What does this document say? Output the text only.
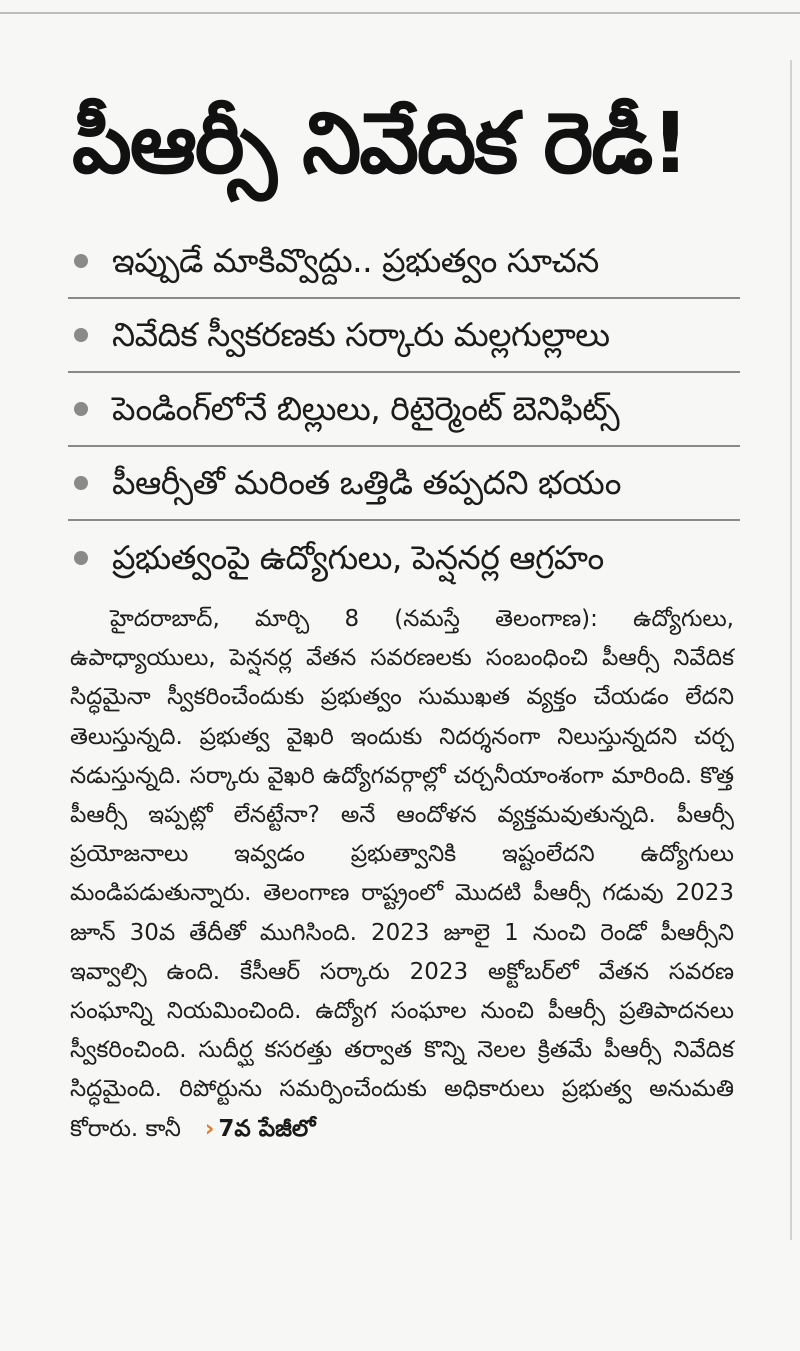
పీఆర్సీ నివేదిక రెడీ!
ఇప్పుడే మాకివ్వొద్దు.. ప్రభుత్వం సూచన
నివేదిక స్వీకరణకు సర్కారు మల్లగుల్లాలు
పెండింగ్‌లోనే బిల్లులు, రిటైర్మెంట్ బెనిఫిట్స్
పీఆర్సీతో మరింత ఒత్తిడి తప్పదని భయం
ప్రభుత్వంపై ఉద్యోగులు, పెన్షనర్ల ఆగ్రహం

హైదరాబాద్, మార్చి 8 (నమస్తే తెలంగాణ): ఉద్యోగులు, ఉపాధ్యాయులు, పెన్షనర్ల వేతన సవరణలకు సంబంధించి పీఆర్సీ నివేదిక సిద్ధమైనా స్వీకరించేందుకు ప్రభుత్వం సుముఖత వ్యక్తం చేయడం లేదని తెలుస్తున్నది. ప్రభుత్వ వైఖరి ఇందుకు నిదర్శనంగా నిలుస్తున్నదని చర్చ నడుస్తున్నది. సర్కారు వైఖరి ఉద్యోగవర్గాల్లో చర్చనీయాంశంగా మారింది. కొత్త పీఆర్సీ ఇప్పట్లో లేనట్టేనా? అనే ఆందోళన వ్యక్తమవుతున్నది. పీఆర్సీ ప్రయోజనాలు ఇవ్వడం ప్రభుత్వానికి ఇష్టంలేదని ఉద్యోగులు మండిపడుతున్నారు. తెలంగాణ రాష్ట్రంలో మొదటి పీఆర్సీ గడువు 2023 జూన్ 30వ తేదీతో ముగిసింది. 2023 జూలై 1 నుంచి రెండో పీఆర్సీని ఇవ్వాల్సి ఉంది. కేసీఆర్ సర్కారు 2023 అక్టోబర్‌లో వేతన సవరణ సంఘాన్ని నియమించింది. ఉద్యోగ సంఘాల నుంచి పీఆర్సీ ప్రతిపాదనలు స్వీకరించింది. సుదీర్ఘ కసరత్తు తర్వాత కొన్ని నెలల క్రితమే పీఆర్సీ నివేదిక సిద్ధమైంది. రిపోర్టును సమర్పించేందుకు అధికారులు ప్రభుత్వ అనుమతి కోరారు. కానీ › 7వ పేజీలో
